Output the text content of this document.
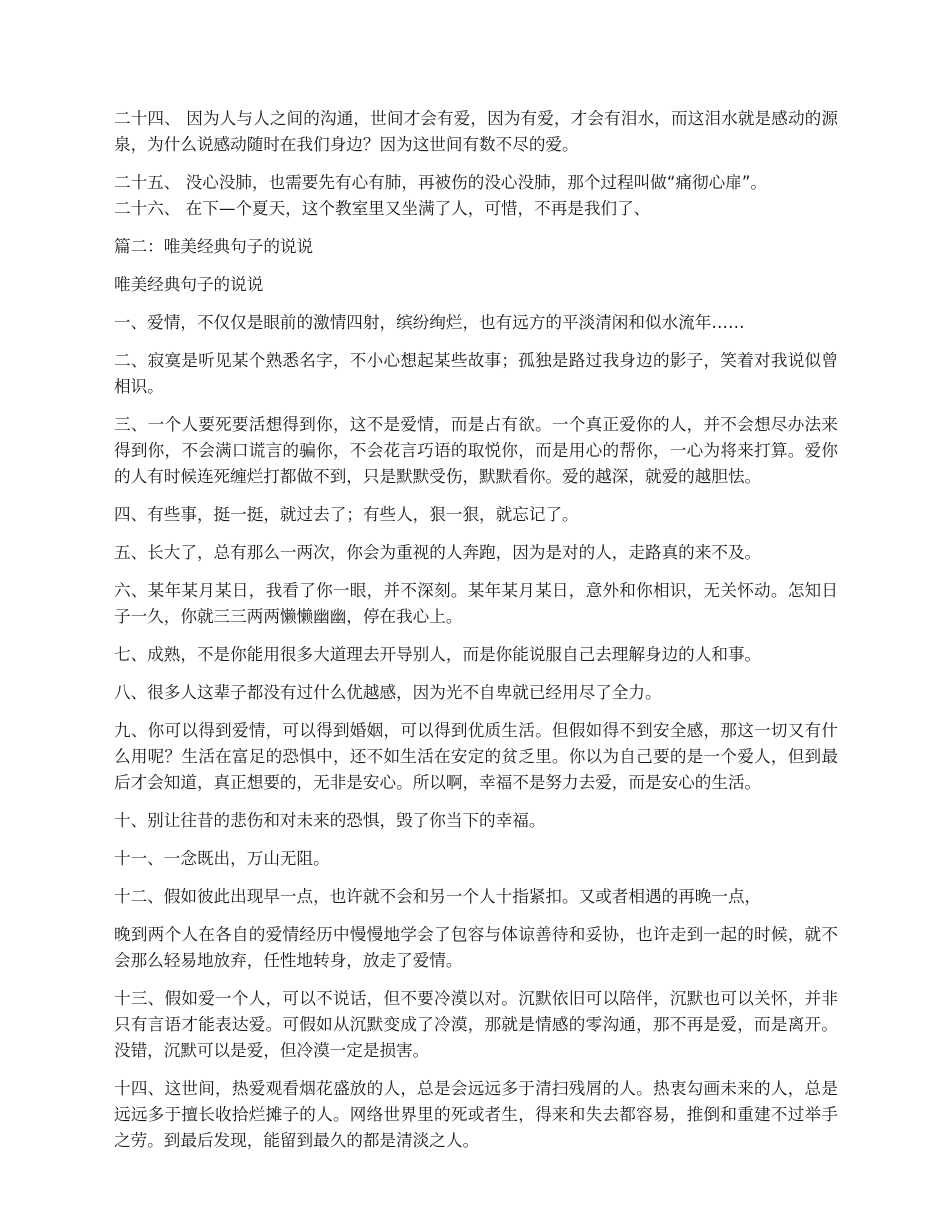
二十四、 因为人与人之间的沟通，世间才会有爱，因为有爱，才会有泪水，而这泪水就是感动的源泉，为什么说感动随时在我们身边？因为这世间有数不尽的爱。

二十五、 没心没肺，也需要先有心有肺，再被伤的没心没肺，那个过程叫做“痛彻心扉”。

二十六、 在下—个夏天，这个教室里又坐满了人，可惜，不再是我们了、

篇二：唯美经典句子的说说

唯美经典句子的说说

一、爱情，不仅仅是眼前的激情四射，缤纷绚烂，也有远方的平淡清闲和似水流年……

二、寂寞是听见某个熟悉名字，不小心想起某些故事；孤独是路过我身边的影子，笑着对我说似曾相识。

三、一个人要死要活想得到你，这不是爱情，而是占有欲。一个真正爱你的人，并不会想尽办法来得到你，不会满口谎言的骗你，不会花言巧语的取悦你，而是用心的帮你，一心为将来打算。爱你的人有时候连死缠烂打都做不到，只是默默受伤，默默看你。爱的越深，就爱的越胆怯。

四、有些事，挺一挺，就过去了；有些人，狠一狠，就忘记了。

五、长大了，总有那么一两次，你会为重视的人奔跑，因为是对的人，走路真的来不及。

六、某年某月某日，我看了你一眼，并不深刻。某年某月某日，意外和你相识，无关怀动。怎知日子一久，你就三三两两懒懒幽幽，停在我心上。

七、成熟，不是你能用很多大道理去开导别人，而是你能说服自己去理解身边的人和事。

八、很多人这辈子都没有过什么优越感，因为光不自卑就已经用尽了全力。

九、你可以得到爱情，可以得到婚姻，可以得到优质生活。但假如得不到安全感，那这一切又有什么用呢？生活在富足的恐惧中，还不如生活在安定的贫乏里。你以为自己要的是一个爱人，但到最后才会知道，真正想要的，无非是安心。所以啊，幸福不是努力去爱，而是安心的生活。

十、别让往昔的悲伤和对未来的恐惧，毁了你当下的幸福。

十一、一念既出，万山无阻。

十二、假如彼此出现早一点，也许就不会和另一个人十指紧扣。又或者相遇的再晚一点，

晚到两个人在各自的爱情经历中慢慢地学会了包容与体谅善待和妥协，也许走到一起的时候，就不会那么轻易地放弃，任性地转身，放走了爱情。

十三、假如爱一个人，可以不说话，但不要冷漠以对。沉默依旧可以陪伴，沉默也可以关怀，并非只有言语才能表达爱。可假如从沉默变成了冷漠，那就是情感的零沟通，那不再是爱，而是离开。没错，沉默可以是爱，但冷漠一定是损害。

十四、这世间，热爱观看烟花盛放的人，总是会远远多于清扫残屑的人。热衷勾画未来的人，总是远远多于擅长收拾烂摊子的人。网络世界里的死或者生，得来和失去都容易，推倒和重建不过举手之劳。到最后发现，能留到最久的都是清淡之人。
